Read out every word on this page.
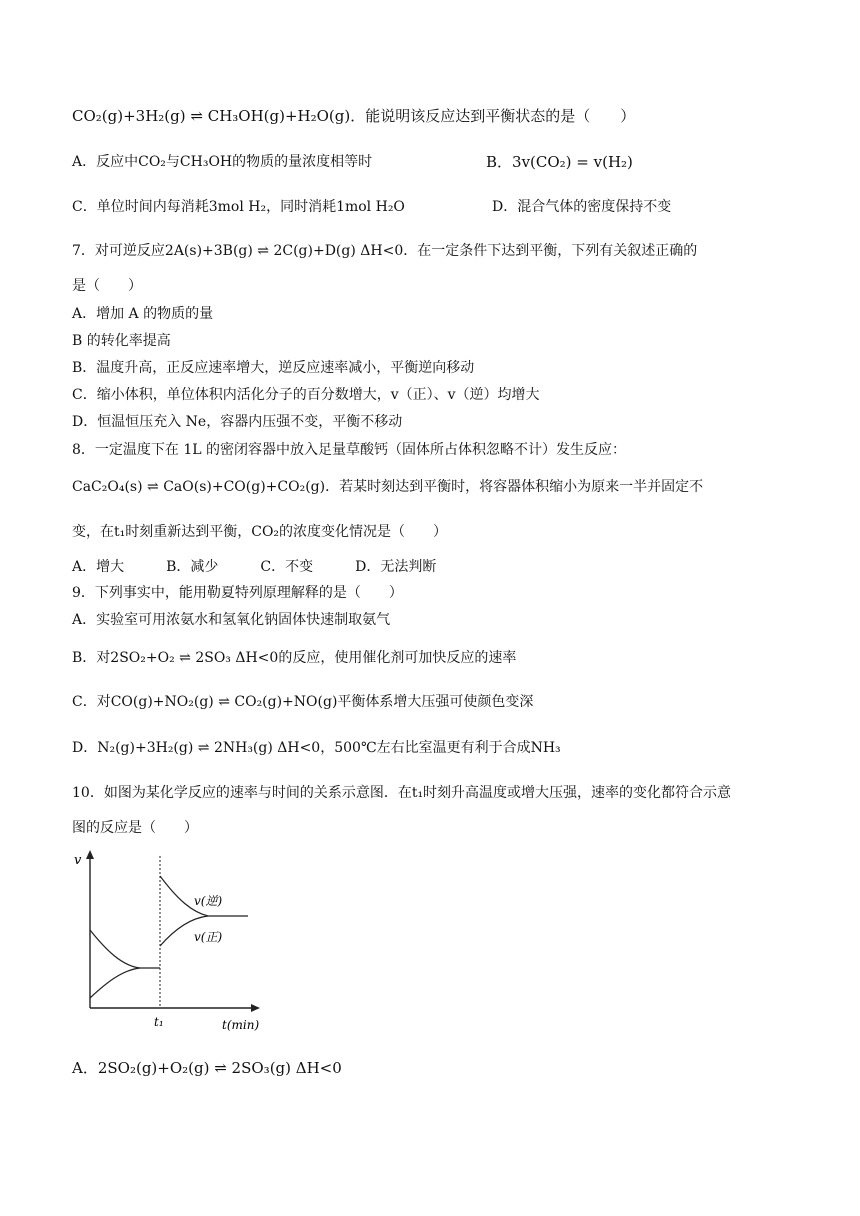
CO₂(g)+3H₂(g) ⇌ CH₃OH(g)+H₂O(g)．能说明该反应达到平衡状态的是（　　）
A．反应中CO₂与CH₃OH的物质的量浓度相等时	B．3v(CO₂) = v(H₂)
C．单位时间内每消耗3mol H₂，同时消耗1mol H₂O	D．混合气体的密度保持不变
7．对可逆反应2A(s)+3B(g) ⇌ 2C(g)+D(g) ΔH<0．在一定条件下达到平衡，下列有关叙述正确的
是（　　）
A．增加 A 的物质的量
B 的转化率提高
B．温度升高，正反应速率增大，逆反应速率减小，平衡逆向移动
C．缩小体积，单位体积内活化分子的百分数增大，v（正）、v（逆）均增大
D．恒温恒压充入 Ne，容器内压强不变，平衡不移动
8．一定温度下在 1L 的密闭容器中放入足量草酸钙（固体所占体积忽略不计）发生反应：
CaC₂O₄(s) ⇌ CaO(s)+CO(g)+CO₂(g)．若某时刻达到平衡时，将容器体积缩小为原来一半并固定不
变，在t₁时刻重新达到平衡，CO₂的浓度变化情况是（　　）
A．增大　　　B．减少　　　C．不变　　　D．无法判断
9．下列事实中，能用勒夏特列原理解释的是（　　）
A．实验室可用浓氨水和氢氧化钠固体快速制取氨气
B．对2SO₂+O₂ ⇌ 2SO₃ ΔH<0的反应，使用催化剂可加快反应的速率
C．对CO(g)+NO₂(g) ⇌ CO₂(g)+NO(g)平衡体系增大压强可使颜色变深
D．N₂(g)+3H₂(g) ⇌ 2NH₃(g) ΔH<0，500℃左右比室温更有利于合成NH₃
10．如图为某化学反应的速率与时间的关系示意图．在t₁时刻升高温度或增大压强，速率的变化都符合示意
图的反应是（　　）
v
v(逆)
v(正)
t₁	t(min)
A．2SO₂(g)+O₂(g) ⇌ 2SO₃(g) ΔH<0
